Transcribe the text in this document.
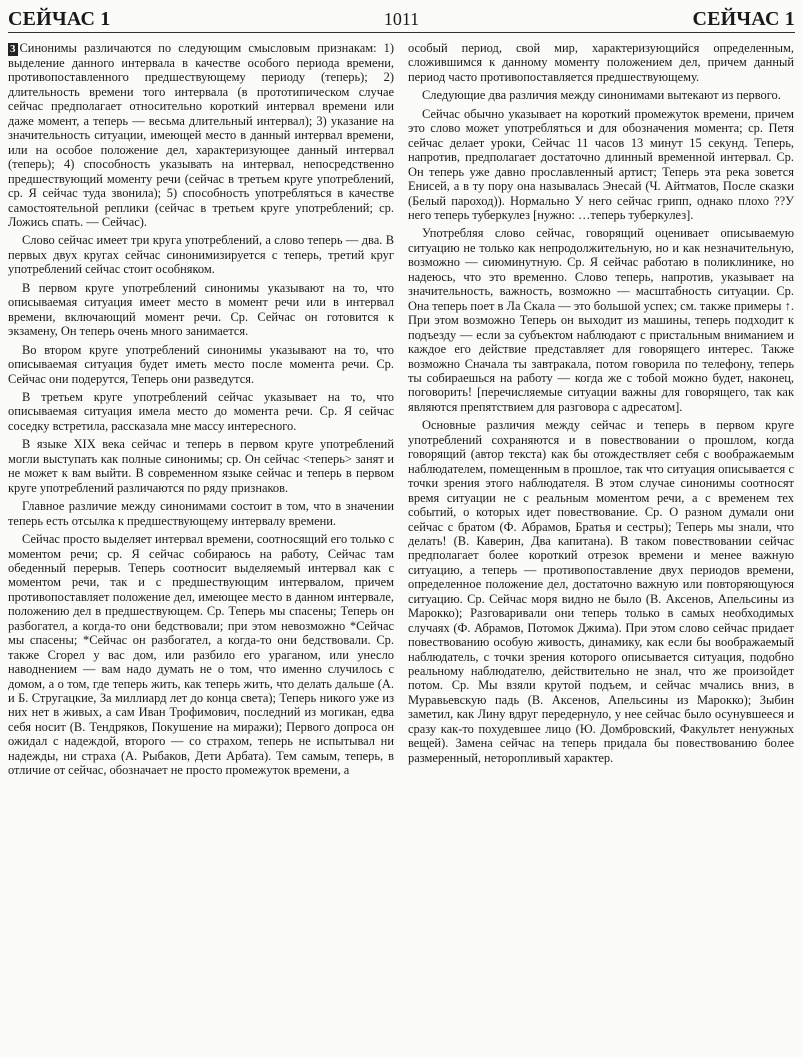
СЕЙЧАС 1	1011	СЕЙЧАС 1

3 Синонимы различаются по следующим смысловым признакам: 1) выделение данного интервала в качестве особого периода времени, противопоставленного предшествующему периоду (теперь); 2) длительность времени того интервала (в прототипическом случае сейчас предполагает относительно короткий интервал времени или даже момент, а теперь — весьма длительный интервал); 3) указание на значительность ситуации, имеющей место в данный интервал времени, или на особое положение дел, характеризующее данный интервал (теперь); 4) способность указывать на интервал, непосредственно предшествующий моменту речи (сейчас в третьем круге употреблений, ср. Я сейчас туда звонила); 5) способность употребляться в качестве самостоятельной реплики (сейчас в третьем круге употреблений; ср. Ложись спать. — Сейчас).

Слово сейчас имеет три круга употреблений, а слово теперь — два. В первых двух кругах сейчас синонимизируется с теперь, третий круг употреблений сейчас стоит особняком.

В первом круге употреблений синонимы указывают на то, что описываемая ситуация имеет место в момент речи или в интервал времени, включающий момент речи. Ср. Сейчас он готовится к экзамену, Он теперь очень много занимается.

Во втором круге употреблений синонимы указывают на то, что описываемая ситуация будет иметь место после момента речи. Ср. Сейчас они подерутся, Теперь они разведутся.

В третьем круге употреблений сейчас указывает на то, что описываемая ситуация имела место до момента речи. Ср. Я сейчас соседку встретила, рассказала мне массу интересного.

В языке XIX века сейчас и теперь в первом круге употреблений могли выступать как полные синонимы; ср. Он сейчас <теперь> занят и не может к вам выйти. В современном языке сейчас и теперь в первом круге употреблений различаются по ряду признаков.

Главное различие между синонимами состоит в том, что в значении теперь есть отсылка к предшествующему интервалу времени.

Сейчас просто выделяет интервал времени, соотносящий его только с моментом речи; ср. Я сейчас собираюсь на работу, Сейчас там обеденный перерыв. Теперь соотносит выделяемый интервал как с моментом речи, так и с предшествующим интервалом, причем противопоставляет положение дел, имеющее место в данном интервале, положению дел в предшествующем. Ср. Теперь мы спасены; Теперь он разбогател, а когда-то они бедствовали; при этом невозможно *Сейчас мы спасены; *Сейчас он разбогател, а когда-то они бедствовали. Ср. также Сгорел у вас дом, или разбило его ураганом, или унесло наводнением — вам надо думать не о том, что именно случилось с домом, а о том, где теперь жить, как теперь жить, что делать дальше (А. и Б. Стругацкие, За миллиард лет до конца света); Теперь никого уже из них нет в живых, а сам Иван Трофимович, последний из могикан, едва себя носит (В. Тендряков, Покушение на миражи); Первого допроса он ожидал с надеждой, второго — со страхом, теперь не испытывал ни надежды, ни страха (А. Рыбаков, Дети Арбата). Тем самым, теперь, в отличие от сейчас, обозначает не просто промежуток времени, а

особый период, свой мир, характеризующийся определенным, сложившимся к данному моменту положением дел, причем данный период часто противопоставляется предшествующему.

Следующие два различия между синонимами вытекают из первого.

Сейчас обычно указывает на короткий промежуток времени, причем это слово может употребляться и для обозначения момента; ср. Петя сейчас делает уроки, Сейчас 11 часов 13 минут 15 секунд. Теперь, напротив, предполагает достаточно длинный временной интервал. Ср. Он теперь уже давно прославленный артист; Теперь эта река зовется Енисей, а в ту пору она называлась Энесай (Ч. Айтматов, После сказки (Белый пароход)). Нормально У него сейчас грипп, однако плохо ??У него теперь туберкулез [нужно: …теперь туберкулез].

Употребляя слово сейчас, говорящий оценивает описываемую ситуацию не только как непродолжительную, но и как незначительную, возможно — сиюминутную. Ср. Я сейчас работаю в поликлинике, но надеюсь, что это временно. Слово теперь, напротив, указывает на значительность, важность, возможно — масштабность ситуации. Ср. Она теперь поет в Ла Скала — это большой успех; см. также примеры ↑. При этом возможно Теперь он выходит из машины, теперь подходит к подъезду — если за субъектом наблюдают с пристальным вниманием и каждое его действие представляет для говорящего интерес. Также возможно Сначала ты завтракала, потом говорила по телефону, теперь ты собираешься на работу — когда же с тобой можно будет, наконец, поговорить! [перечисляемые ситуации важны для говорящего, так как являются препятствием для разговора с адресатом].

Основные различия между сейчас и теперь в первом круге употреблений сохраняются и в повествовании о прошлом, когда говорящий (автор текста) как бы отождествляет себя с воображаемым наблюдателем, помещенным в прошлое, так что ситуация описывается с точки зрения этого наблюдателя. В этом случае синонимы соотносят время ситуации не с реальным моментом речи, а с временем тех событий, о которых идет повествование. Ср. О разном думали они сейчас с братом (Ф. Абрамов, Братья и сестры); Теперь мы знали, что делать! (В. Каверин, Два капитана). В таком повествовании сейчас предполагает более короткий отрезок времени и менее важную ситуацию, а теперь — противопоставление двух периодов времени, определенное положение дел, достаточно важную или повторяющуюся ситуацию. Ср. Сейчас моря видно не было (В. Аксенов, Апельсины из Марокко); Разговаривали они теперь только в самых необходимых случаях (Ф. Абрамов, Потомок Джима). При этом слово сейчас придает повествованию особую живость, динамику, как если бы воображаемый наблюдатель, с точки зрения которого описывается ситуация, подобно реальному наблюдателю, действительно не знал, что же произойдет потом. Ср. Мы взяли крутой подъем, и сейчас мчались вниз, в Муравьевскую падь (В. Аксенов, Апельсины из Марокко); Зыбин заметил, как Лину вдруг передернуло, у нее сейчас было осунувшееся и сразу как-то похудевшее лицо (Ю. Домбровский, Факультет ненужных вещей). Замена сейчас на теперь придала бы повествованию более размеренный, неторопливый характер.
